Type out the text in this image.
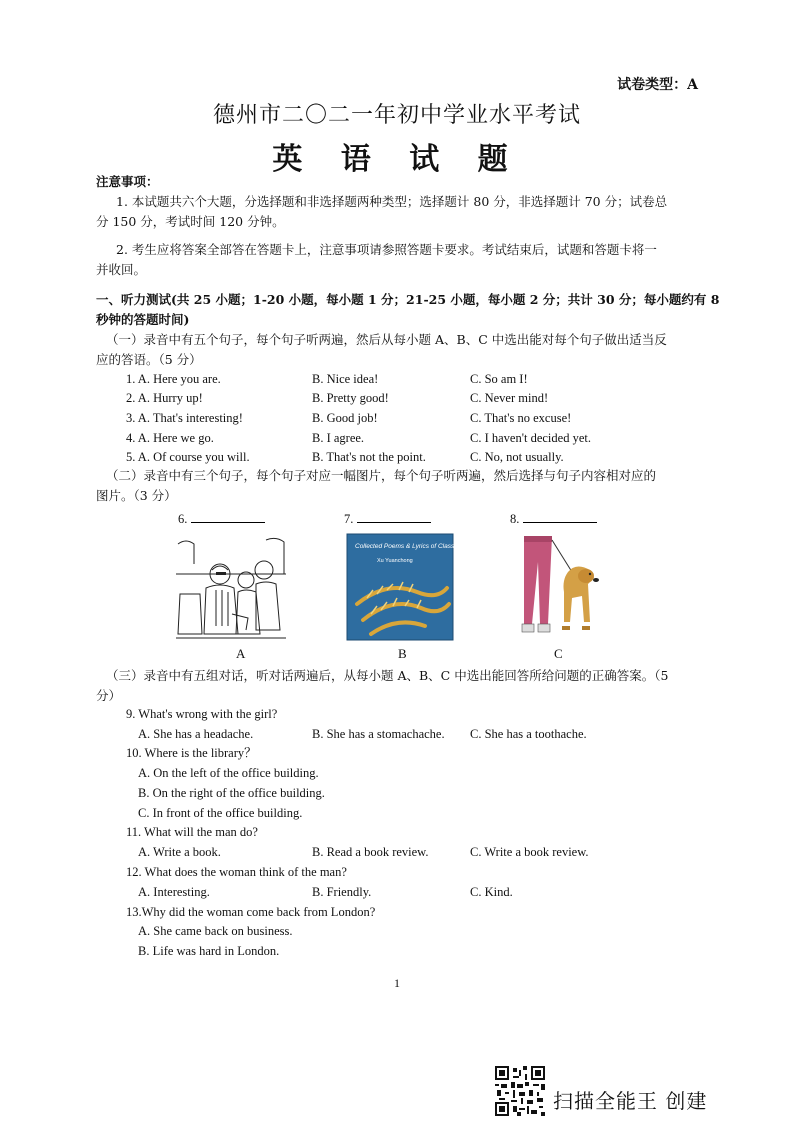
试卷类型：A
德州市二〇二一年初中学业水平考试
英 语 试 题
注意事项：
1. 本试题共六个大题，分选择题和非选择题两种类型；选择题计 80 分，非选择题计 70 分；试卷总
分 150 分，考试时间 120 分钟。
2. 考生应将答案全部答在答题卡上，注意事项请参照答题卡要求。考试结束后，试题和答题卡将一
并收回。
一、听力测试(共 25 小题；1-20 小题，每小题 1 分；21-25 小题，每小题 2 分；共计 30 分；每小题约有 8
秒钟的答题时间)
（一）录音中有五个句子，每个句子听两遍，然后从每小题 A、B、C 中选出能对每个句子做出适当反
应的答语。（5 分）
1. A. Here you are.	B. Nice idea!	C. So am I!
2. A. Hurry up!	B. Pretty good!	C. Never mind!
3. A. That's interesting!	B. Good job!	C. That's no excuse!
4. A. Here we go.	B. I agree.	C. I haven't decided yet.
5. A. Of course you will.	B. That's not the point.	C. No, not usually.
（二）录音中有三个句子，每个句子对应一幅图片，每个句子听两遍，然后选择与句子内容相对应的
图片。（3 分）
6.	7.	8.
Collected Poems & Lyrics of Classical China
Xu Yuanchong
A	B	C
（三）录音中有五组对话，听对话两遍后，从每小题 A、B、C 中选出能回答所给问题的正确答案。（5
分）
9. What's wrong with the girl?
A. She has a headache.	B. She has a stomachache. C. She has a toothache.
10. Where is the library？
A. On the left of the office building.
B. On the right of the office building.
C. In front of the office building.
11. What will the man do?
A. Write a book.	B. Read a book review.	C. Write a book review.
12. What does the woman think of the man?
A. Interesting.	B. Friendly.	C. Kind.
13.Why did the woman come back from London?
A. She came back on business.
B. Life was hard in London.
1
扫描全能王 创建
